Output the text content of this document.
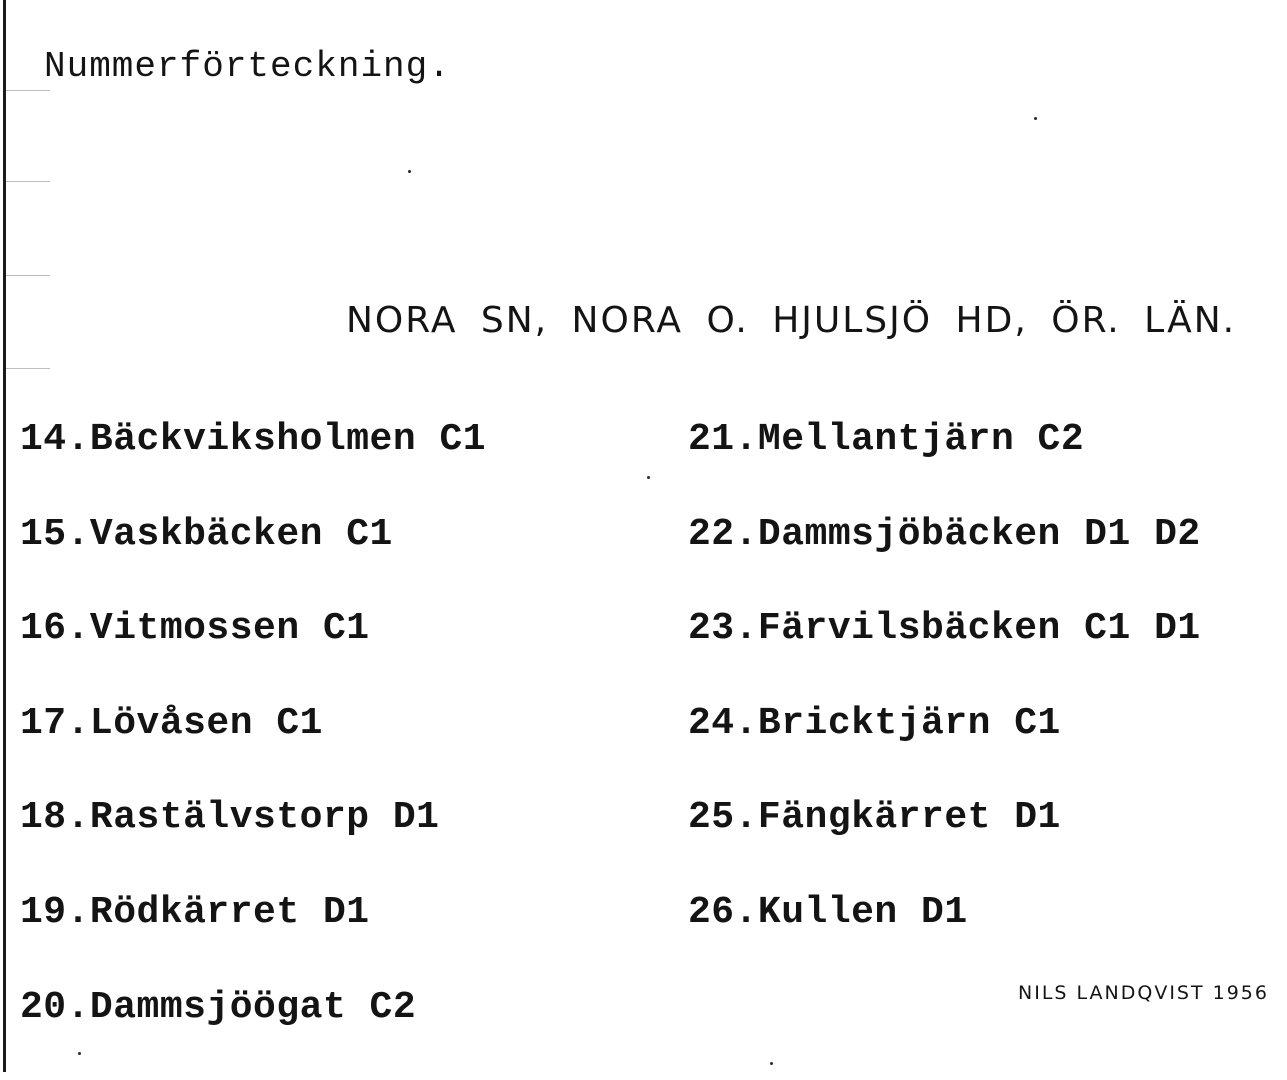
Nummerförteckning.
NORA SN, NORA O. HJULSJÖ HD, ÖR. LÄN.
14.Bäckviksholmen C1
15.Vaskbäcken C1
16.Vitmossen C1
17.Lövåsen C1
18.Rastälvstorp D1
19.Rödkärret D1
20.Dammsjöögat C2
21.Mellantjärn C2
22.Dammsjöbäcken D1 D2
23.Färvilsbäcken C1 D1
24.Bricktjärn C1
25.Fängkärret D1
26.Kullen D1
NILS LANDQVIST 1956
